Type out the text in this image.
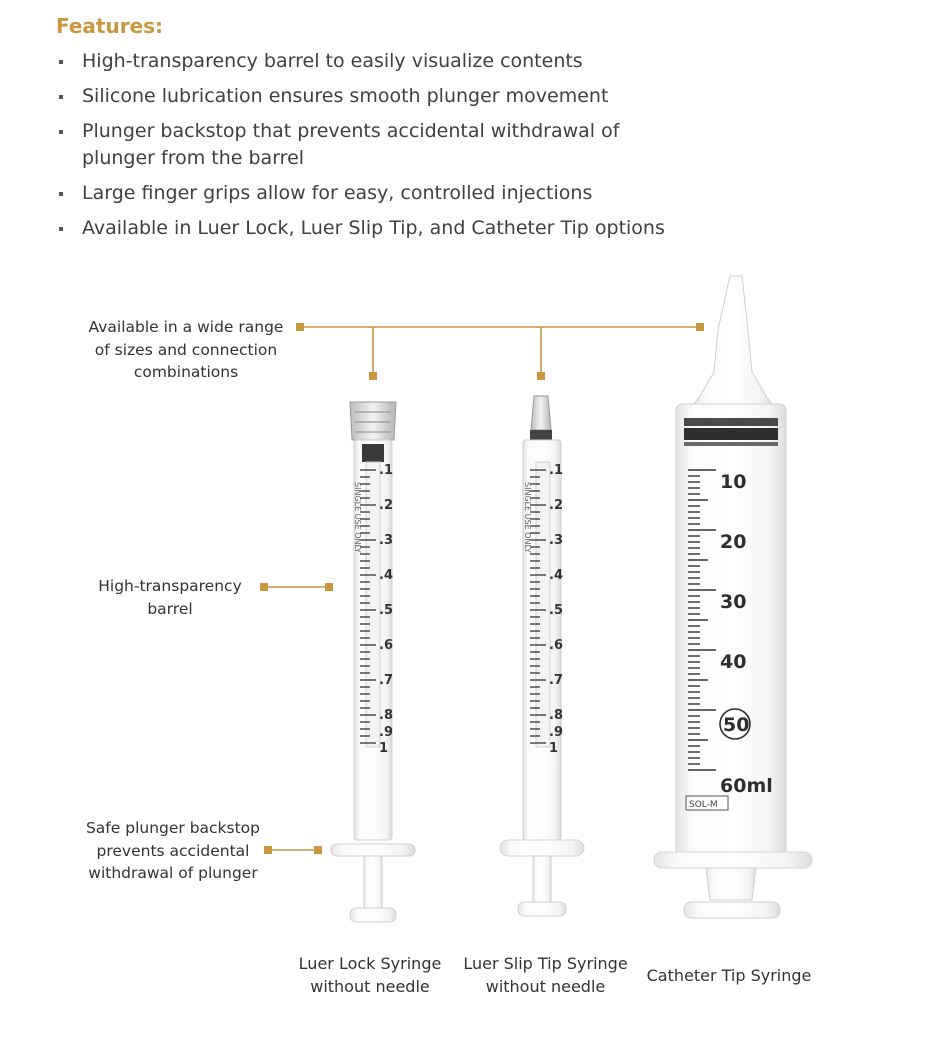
Features:
High-transparency barrel to easily visualize contents
Silicone lubrication ensures smooth plunger movement
Plunger backstop that prevents accidental withdrawal of plunger from the barrel
Large finger grips allow for easy, controlled injections
Available in Luer Lock, Luer Slip Tip, and Catheter Tip options
.1
.2
.3
.4
.5
.6
.7
.8
.9
1
SINGLE USE ONLY
.1
.2
.3
.4
.5
.6
.7
.8
.9
1
SINGLE USE ONLY	10
20
30
40
50
60ml
SOL-M
Available in a wide range of sizes and connection combinations
High-transparency barrel
Safe plunger backstop prevents accidental withdrawal of plunger
Luer Lock Syringe without needle
Luer Slip Tip Syringe without needle
Catheter Tip Syringe
